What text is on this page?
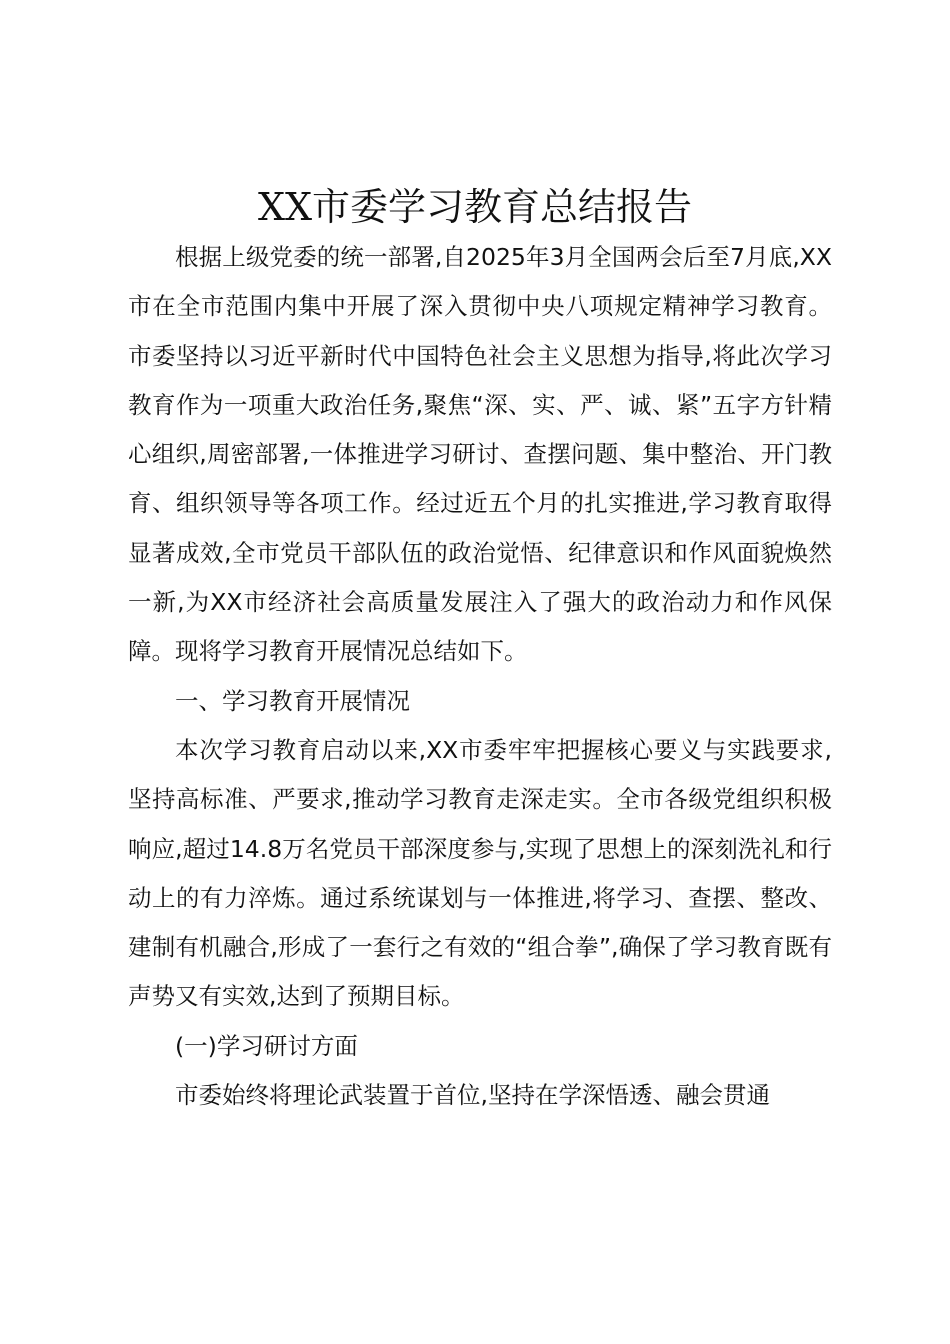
XX市委学习教育总结报告

根据上级党委的统一部署,自2025年3月全国两会后至7月底,XX市在全市范围内集中开展了深入贯彻中央八项规定精神学习教育。市委坚持以习近平新时代中国特色社会主义思想为指导,将此次学习教育作为一项重大政治任务,聚焦“深、实、严、诚、紧”五字方针精心组织,周密部署,一体推进学习研讨、查摆问题、集中整治、开门教育、组织领导等各项工作。经过近五个月的扎实推进,学习教育取得显著成效,全市党员干部队伍的政治觉悟、纪律意识和作风面貌焕然一新,为XX市经济社会高质量发展注入了强大的政治动力和作风保障。现将学习教育开展情况总结如下。

一、学习教育开展情况

本次学习教育启动以来,XX市委牢牢把握核心要义与实践要求,坚持高标准、严要求,推动学习教育走深走实。全市各级党组织积极响应,超过14.8万名党员干部深度参与,实现了思想上的深刻洗礼和行动上的有力淬炼。通过系统谋划与一体推进,将学习、查摆、整改、建制有机融合,形成了一套行之有效的“组合拳”,确保了学习教育既有声势又有实效,达到了预期目标。

(一)学习研讨方面

市委始终将理论武装置于首位,坚持在学深悟透、融会贯通
